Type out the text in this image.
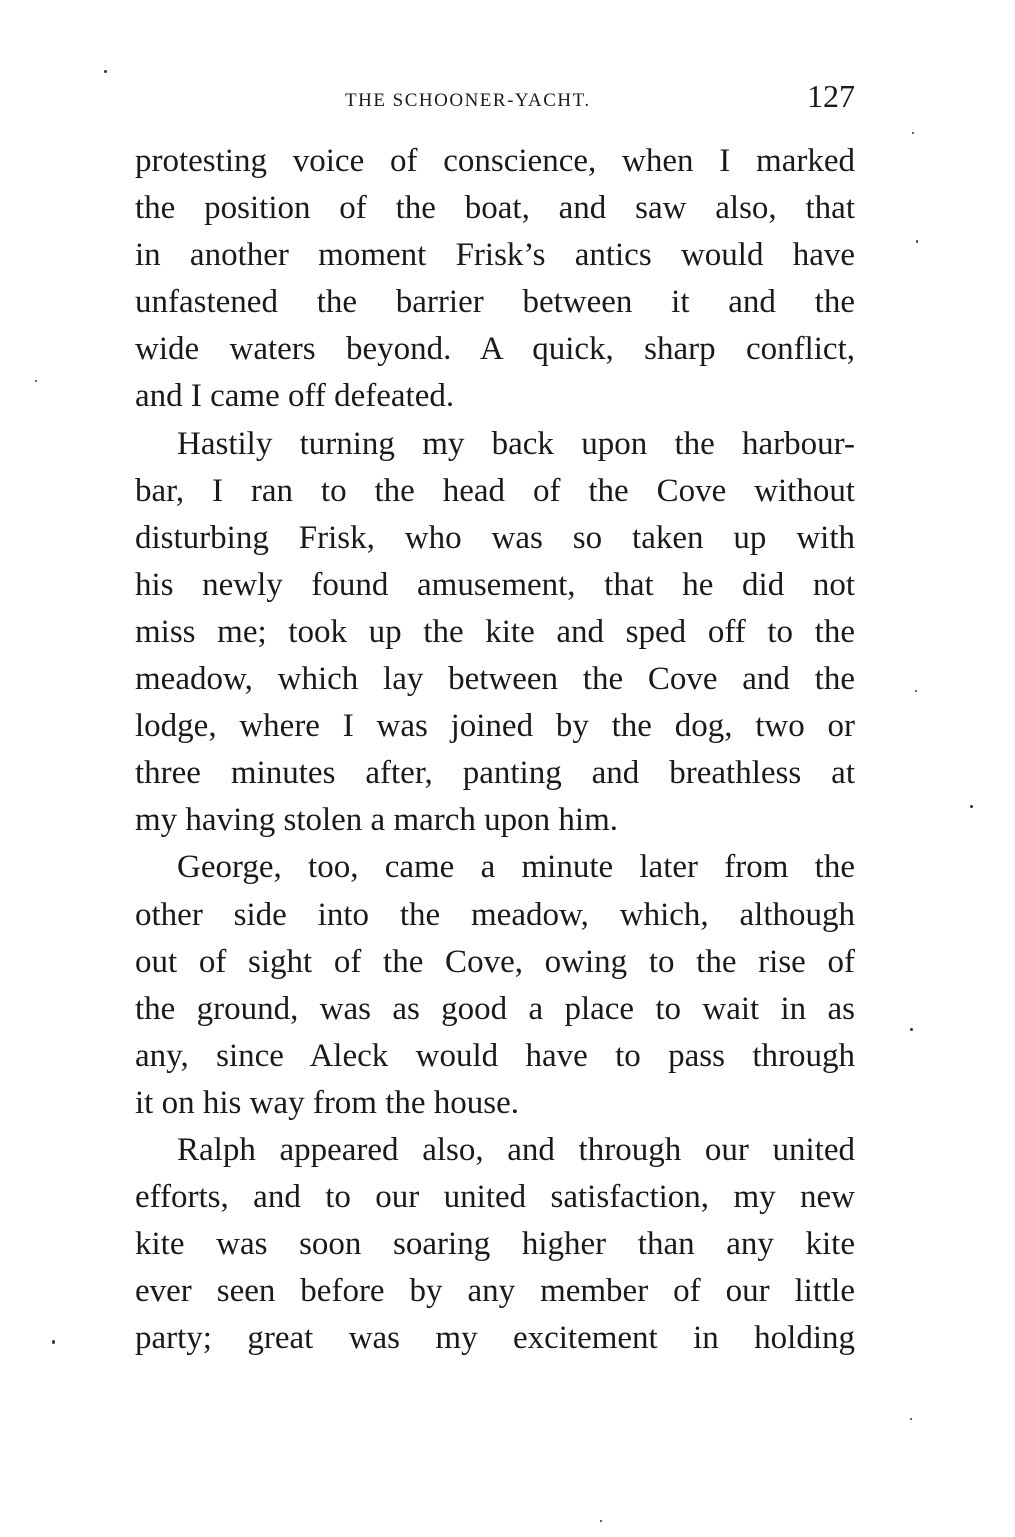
THE SCHOONER-YACHT.	127
protesting voice of conscience, when I marked
the position of the boat, and saw also, that
in another moment Frisk’s antics would have
unfastened the barrier between it and the
wide waters beyond. A quick, sharp conflict,
and I came off defeated.
Hastily turning my back upon the harbour-
bar, I ran to the head of the Cove without
disturbing Frisk, who was so taken up with
his newly found amusement, that he did not
miss me; took up the kite and sped off to the
meadow, which lay between the Cove and the
lodge, where I was joined by the dog, two or
three minutes after, panting and breathless at
my having stolen a march upon him.
George, too, came a minute later from the
other side into the meadow, which, although
out of sight of the Cove, owing to the rise of
the ground, was as good a place to wait in as
any, since Aleck would have to pass through
it on his way from the house.
Ralph appeared also, and through our united
efforts, and to our united satisfaction, my new
kite was soon soaring higher than any kite
ever seen before by any member of our little
party; great was my excitement in holding
